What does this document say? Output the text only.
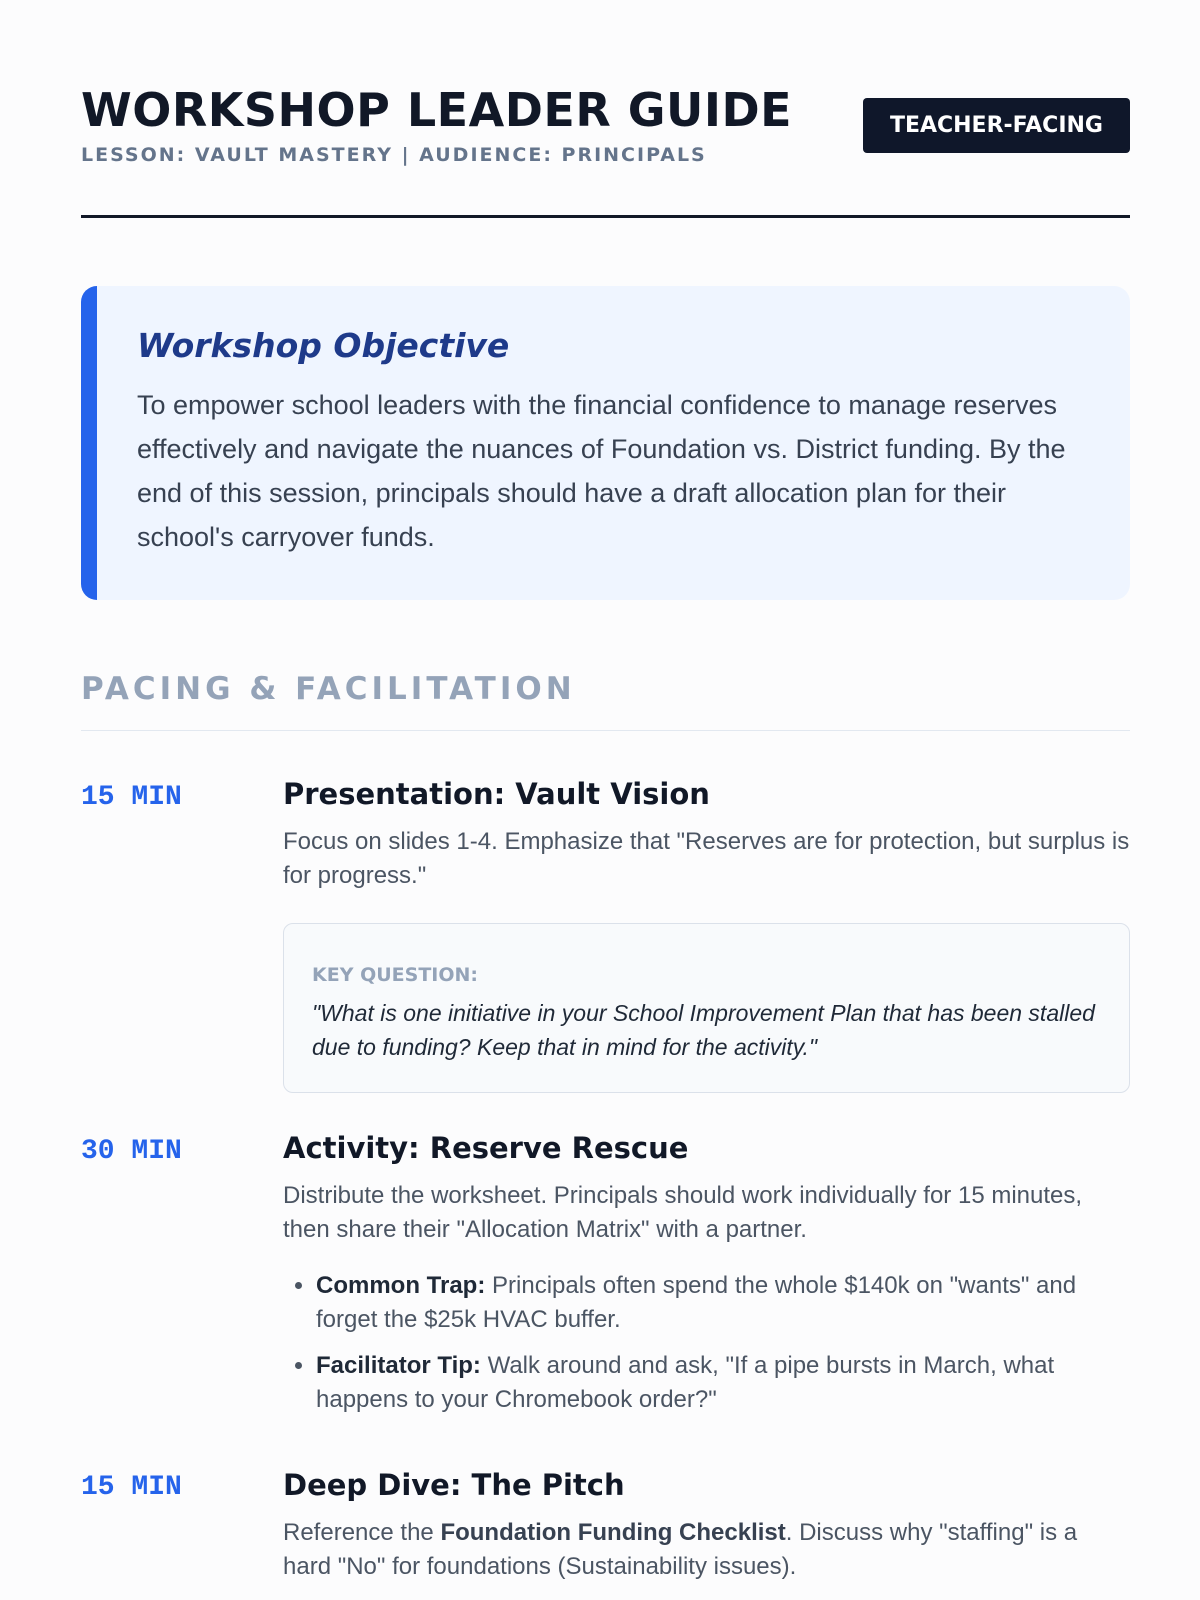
WORKSHOP LEADER GUIDE
LESSON: VAULT MASTERY | AUDIENCE: PRINCIPALS
TEACHER-FACING
Workshop Objective
To empower school leaders with the financial confidence to manage reserves effectively and navigate the nuances of Foundation vs. District funding. By the end of this session, principals should have a draft allocation plan for their school's carryover funds.
PACING & FACILITATION
15 MIN	Presentation: Vault Vision
Focus on slides 1-4. Emphasize that "Reserves are for protection, but surplus is for progress."
KEY QUESTION:
"What is one initiative in your School Improvement Plan that has been stalled due to funding? Keep that in mind for the activity."
30 MIN	Activity: Reserve Rescue
Distribute the worksheet. Principals should work individually for 15 minutes, then share their "Allocation Matrix" with a partner.
• Common Trap: Principals often spend the whole $140k on "wants" and forget the $25k HVAC buffer.
• Facilitator Tip: Walk around and ask, "If a pipe bursts in March, what happens to your Chromebook order?"
15 MIN	Deep Dive: The Pitch
Reference the Foundation Funding Checklist. Discuss why "staffing" is a hard "No" for foundations (Sustainability issues).
